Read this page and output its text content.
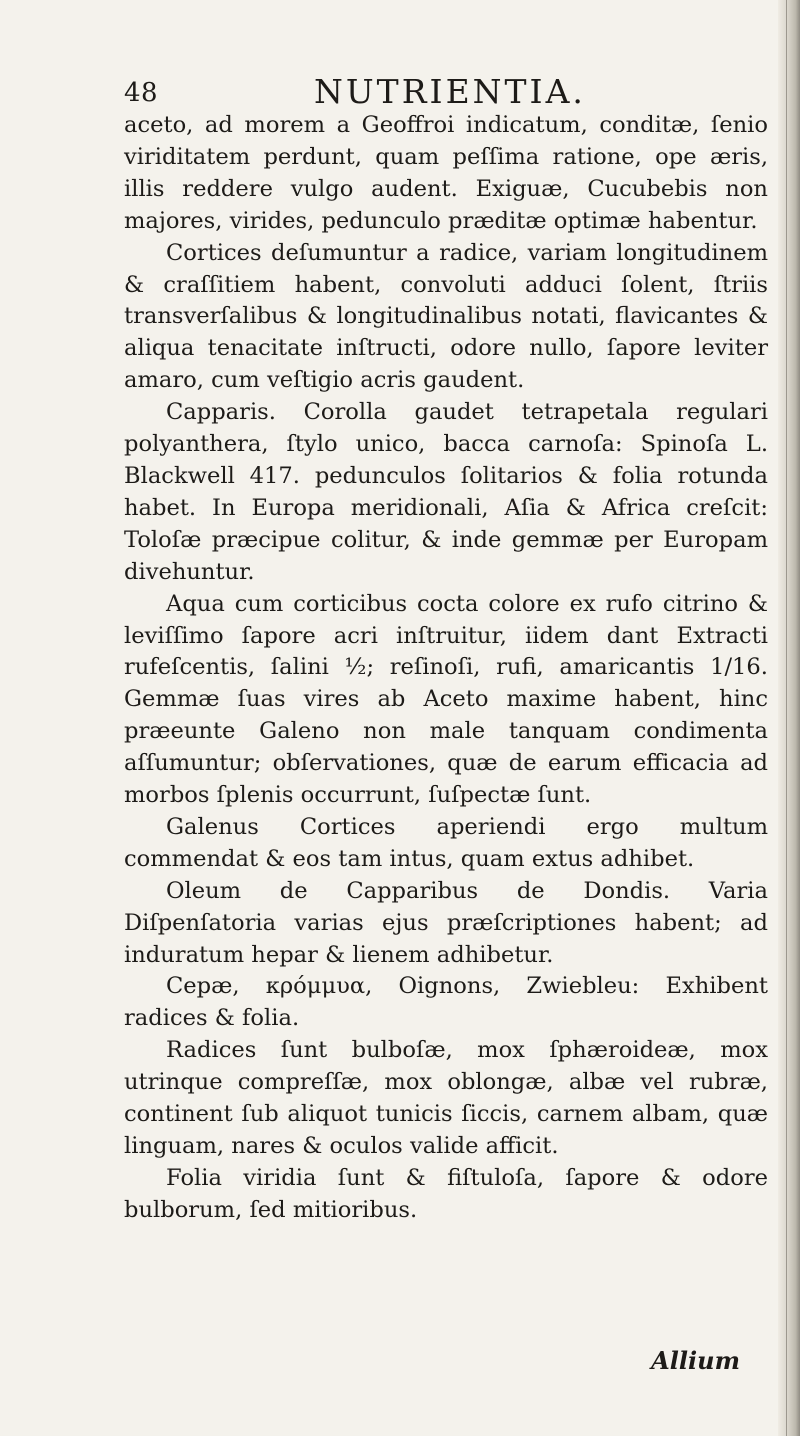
48	NUTRIENTIA.

aceto, ad morem a Geoffroi indicatum, conditæ, ſenio viriditatem perdunt, quam peſſima ratione, ope æris, illis reddere vulgo audent. Exiguæ, Cucubebis non majores, virides, pedunculo præditæ optimæ habentur.

Cortices deſumuntur a radice, variam longitudinem & craſſitiem habent, convoluti adduci ſolent, ſtriis transverſalibus & longitudinalibus notati, flavicantes & aliqua tenacitate inſtructi, odore nullo, ſapore leviter amaro, cum veſtigio acris gaudent.

Capparis. Corolla gaudet tetrapetala regulari polyanthera, ſtylo unico, bacca carnoſa: Spinoſa L. Blackwell 417. pedunculos ſolitarios & folia rotunda habet. In Europa meridionali, Aſia & Africa creſcit: Toloſæ præcipue colitur, & inde gemmæ per Europam divehuntur.

Aqua cum corticibus cocta colore ex rufo citrino & leviſſimo ſapore acri inſtruitur, iidem dant Extracti rufeſcentis, ſalini ½; reſinoſi, rufi, amaricantis 1/16. Gemmæ ſuas vires ab Aceto maxime habent, hinc præeunte Galeno non male tanquam condimenta aſſumuntur; obſervationes, quæ de earum efficacia ad morbos ſplenis occurrunt, ſuſpectæ ſunt.

Galenus Cortices aperiendi ergo multum commendat & eos tam intus, quam extus adhibet.

Oleum de Capparibus de Dondis. Varia Diſpenſatoria varias ejus præſcriptiones habent; ad induratum hepar & lienem adhibetur.

Cepæ, κρόμμυα, Oignons, Zwiebleu: Exhibent radices & folia.

Radices ſunt bulboſæ, mox ſphæroideæ, mox utrinque compreſſæ, mox oblongæ, albæ vel rubræ, continent ſub aliquot tunicis ſiccis, carnem albam, quæ linguam, nares & oculos valide afficit.

Folia viridia ſunt & fiſtuloſa, ſapore & odore bulborum, ſed mitioribus.

Allium
